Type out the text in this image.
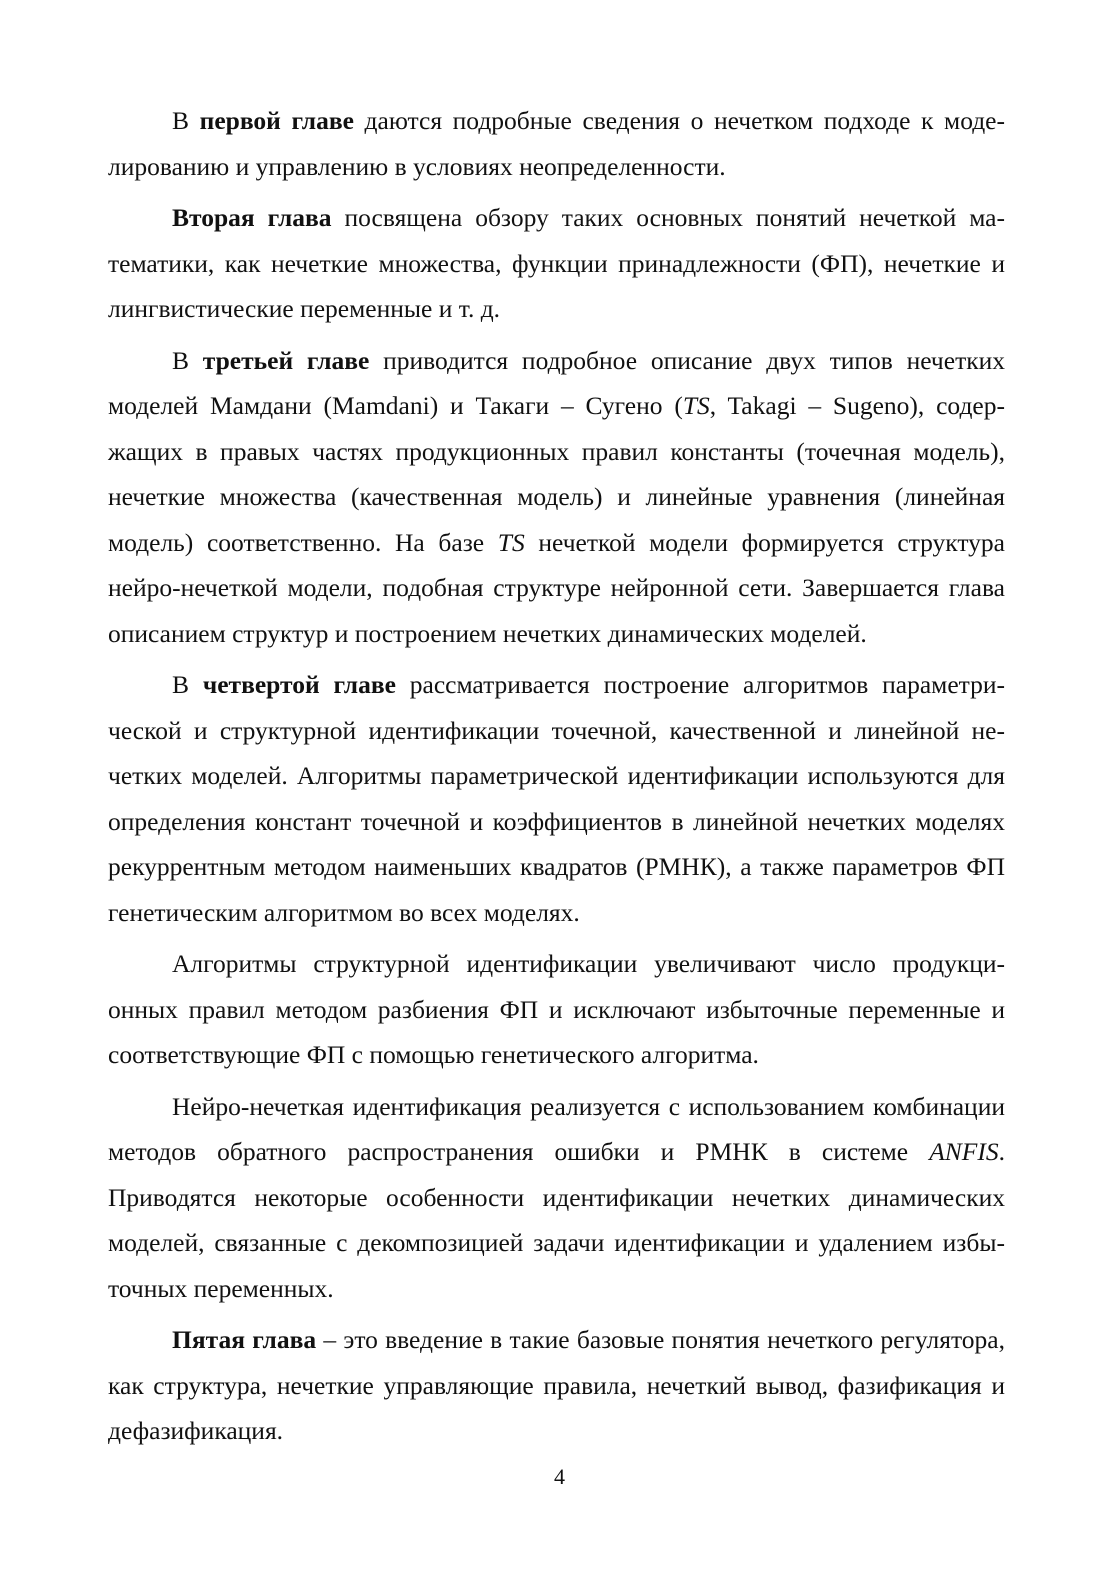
В первой главе даются подробные сведения о нечетком подходе к моделированию и управлению в условиях неопределенности.

Вторая глава посвящена обзору таких основных понятий нечеткой математики, как нечеткие множества, функции принадлежности (ФП), нечеткие и лингвистические переменные и т. д.

В третьей главе приводится подробное описание двух типов нечетких моделей Мамдани (Mamdani) и Такаги – Сугено (TS, Takagi – Sugeno), содержащих в правых частях продукционных правил константы (точечная модель), нечеткие множества (качественная модель) и линейные уравнения (линейная модель) соответственно. На базе TS нечеткой модели формируется структура нейро-нечеткой модели, подобная структуре нейронной сети. Завершается глава описанием структур и построением нечетких динамических моделей.

В четвертой главе рассматривается построение алгоритмов параметрической и структурной идентификации точечной, качественной и линейной нечетких моделей. Алгоритмы параметрической идентификации используются для определения констант точечной и коэффициентов в линейной нечетких моделях рекуррентным методом наименьших квадратов (РМНК), а также параметров ФП генетическим алгоритмом во всех моделях.

Алгоритмы структурной идентификации увеличивают число продукционных правил методом разбиения ФП и исключают избыточные переменные и соответствующие ФП с помощью генетического алгоритма.

Нейро-нечеткая идентификация реализуется с использованием комбинации методов обратного распространения ошибки и РМНК в системе ANFIS. Приводятся некоторые особенности идентификации нечетких динамических моделей, связанные с декомпозицией задачи идентификации и удалением избыточных переменных.

Пятая глава – это введение в такие базовые понятия нечеткого регулятора, как структура, нечеткие управляющие правила, нечеткий вывод, фазификация и дефазификация.

4
